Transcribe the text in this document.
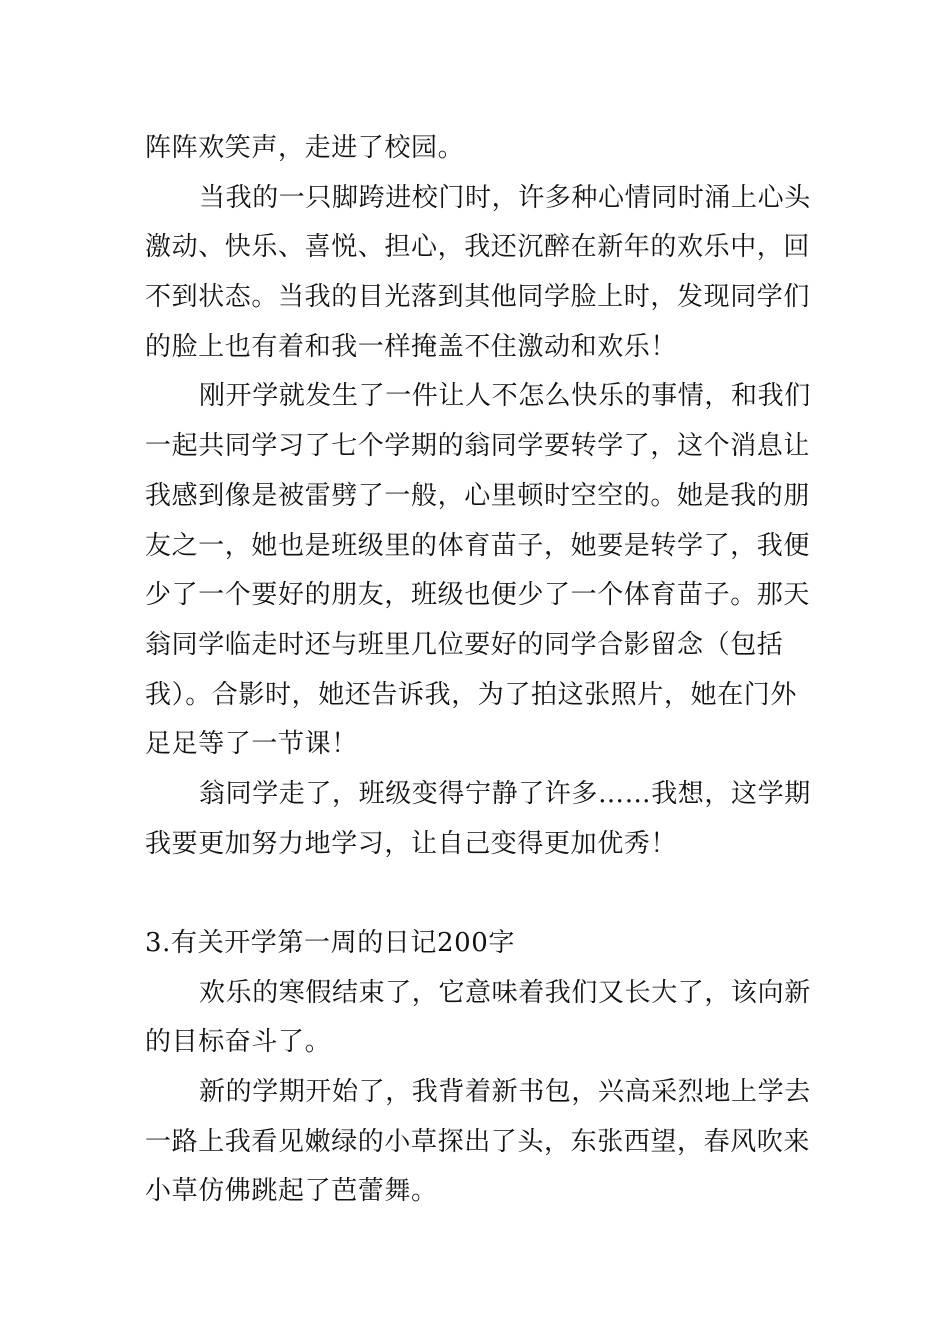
阵阵欢笑声，走进了校园。
当我的一只脚跨进校门时，许多种心情同时涌上心头
激动、快乐、喜悦、担心，我还沉醉在新年的欢乐中，回
不到状态。当我的目光落到其他同学脸上时，发现同学们
的脸上也有着和我一样掩盖不住激动和欢乐！
刚开学就发生了一件让人不怎么快乐的事情，和我们
一起共同学习了七个学期的翁同学要转学了，这个消息让
我感到像是被雷劈了一般，心里顿时空空的。她是我的朋
友之一，她也是班级里的体育苗子，她要是转学了，我便
少了一个要好的朋友，班级也便少了一个体育苗子。那天
翁同学临走时还与班里几位要好的同学合影留念（包括
我）。合影时，她还告诉我，为了拍这张照片，她在门外
足足等了一节课！
翁同学走了，班级变得宁静了许多……我想，这学期
我要更加努力地学习，让自己变得更加优秀！
3.有关开学第一周的日记200字
欢乐的寒假结束了，它意味着我们又长大了，该向新
的目标奋斗了。
新的学期开始了，我背着新书包，兴高采烈地上学去
一路上我看见嫩绿的小草探出了头，东张西望，春风吹来
小草仿佛跳起了芭蕾舞。
